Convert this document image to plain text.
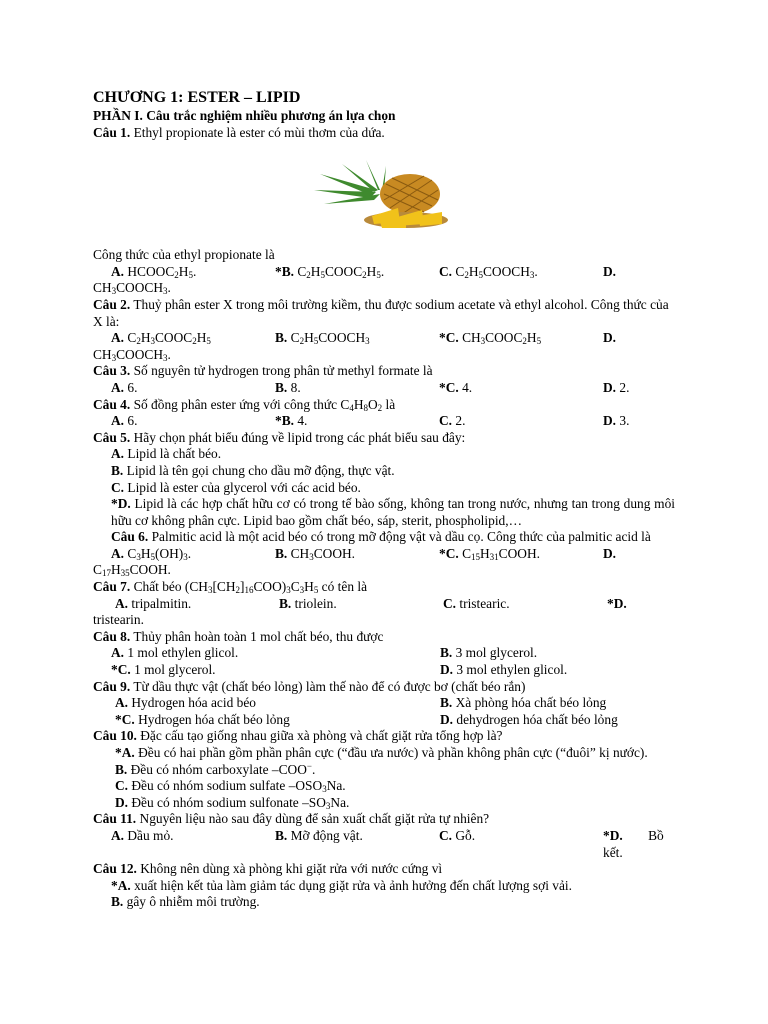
CHƯƠNG 1: ESTER – LIPID

PHẦN I. Câu trắc nghiệm nhiều phương án lựa chọn

Câu 1. Ethyl propionate là ester có mùi thơm của dứa.

Công thức của ethyl propionate là

A. $HCOOC_2H_5$.	*B. $C_2H_5COOC_2H_5$.	C. $C_2H_5COOCH_3$.	D.

$CH_3COOCH_3$.

Câu 2. Thuỷ phân ester X trong môi trường kiềm, thu được sodium acetate và ethyl alcohol. Công thức của X là:

A. $C_2H_3COOC_2H_5$	B. $C_2H_5COOCH_3$	*C. $CH_3COOC_2H_5$	D.

$CH_3COOCH_3$.

Câu 3. Số nguyên tử hydrogen trong phân tử methyl formate là

A. 6.	B. 8.	*C. 4.	D. 2.

Câu 4. Số đồng phân ester ứng với công thức $C_4H_8O_2$ là

A. 6.	*B. 4.	C. 2.	D. 3.

Câu 5. Hãy chọn phát biểu đúng về lipid trong các phát biểu sau đây:

A. Lipid là chất béo.

B. Lipid là tên gọi chung cho dầu mỡ động, thực vật.

C. Lipid là ester của glycerol với các acid béo.

*D. Lipid là các hợp chất hữu cơ có trong tế bào sống, không tan trong nước, nhưng tan trong dung môi hữu cơ không phân cực. Lipid bao gồm chất béo, sáp, sterit, phospholipid,…

Câu 6. Palmitic acid là một acid béo có trong mỡ động vật và dầu cọ. Công thức của palmitic acid là

A. $C_3H_5(OH)_3$.	B. $CH_3COOH$.	*C. $C_{15}H_{31}COOH$.	D.

$C_{17}H_{35}COOH$.

Câu 7. Chất béo $(CH_3[CH_2]_{16}COO)_3C_3H_5$ có tên là

A. tripalmitin.	B. triolein.	C. tristearic.	*D.

tristearin.

Câu 8. Thủy phân hoàn toàn 1 mol chất béo, thu được

A. 1 mol ethylen glicol.	B. 3 mol glycerol.
*C. 1 mol glycerol.	D. 3 mol ethylen glicol.

Câu 9. Từ dầu thực vật (chất béo lỏng) làm thế nào để có được bơ (chất béo rắn)

A. Hydrogen hóa acid béo	B. Xà phòng hóa chất béo lỏng
*C. Hydrogen hóa chất béo lỏng	D. dehydrogen hóa chất béo lỏng

Câu 10. Đặc cấu tạo giống nhau giữa xà phòng và chất giặt rửa tổng hợp là?

*A. Đều có hai phần gồm phần phân cực (“đầu ưa nước) và phần không phân cực (“đuôi” kị nước).

B. Đều có nhóm carboxylate –COO−.

C. Đều có nhóm sodium sulfate $-OSO_3Na$.

D. Đều có nhóm sodium sulfonate $-SO_3Na$.

Câu 11. Nguyên liệu nào sau đây dùng để sản xuất chất giặt rửa tự nhiên?

A. Dầu mỏ.	B. Mỡ động vật.	C. Gỗ.	*D. Bồ kết.

Câu 12. Không nên dùng xà phòng khi giặt rửa với nước cứng vì

*A. xuất hiện kết tủa làm giảm tác dụng giặt rửa và ảnh hưởng đến chất lượng sợi vải.

B. gây ô nhiễm môi trường.
